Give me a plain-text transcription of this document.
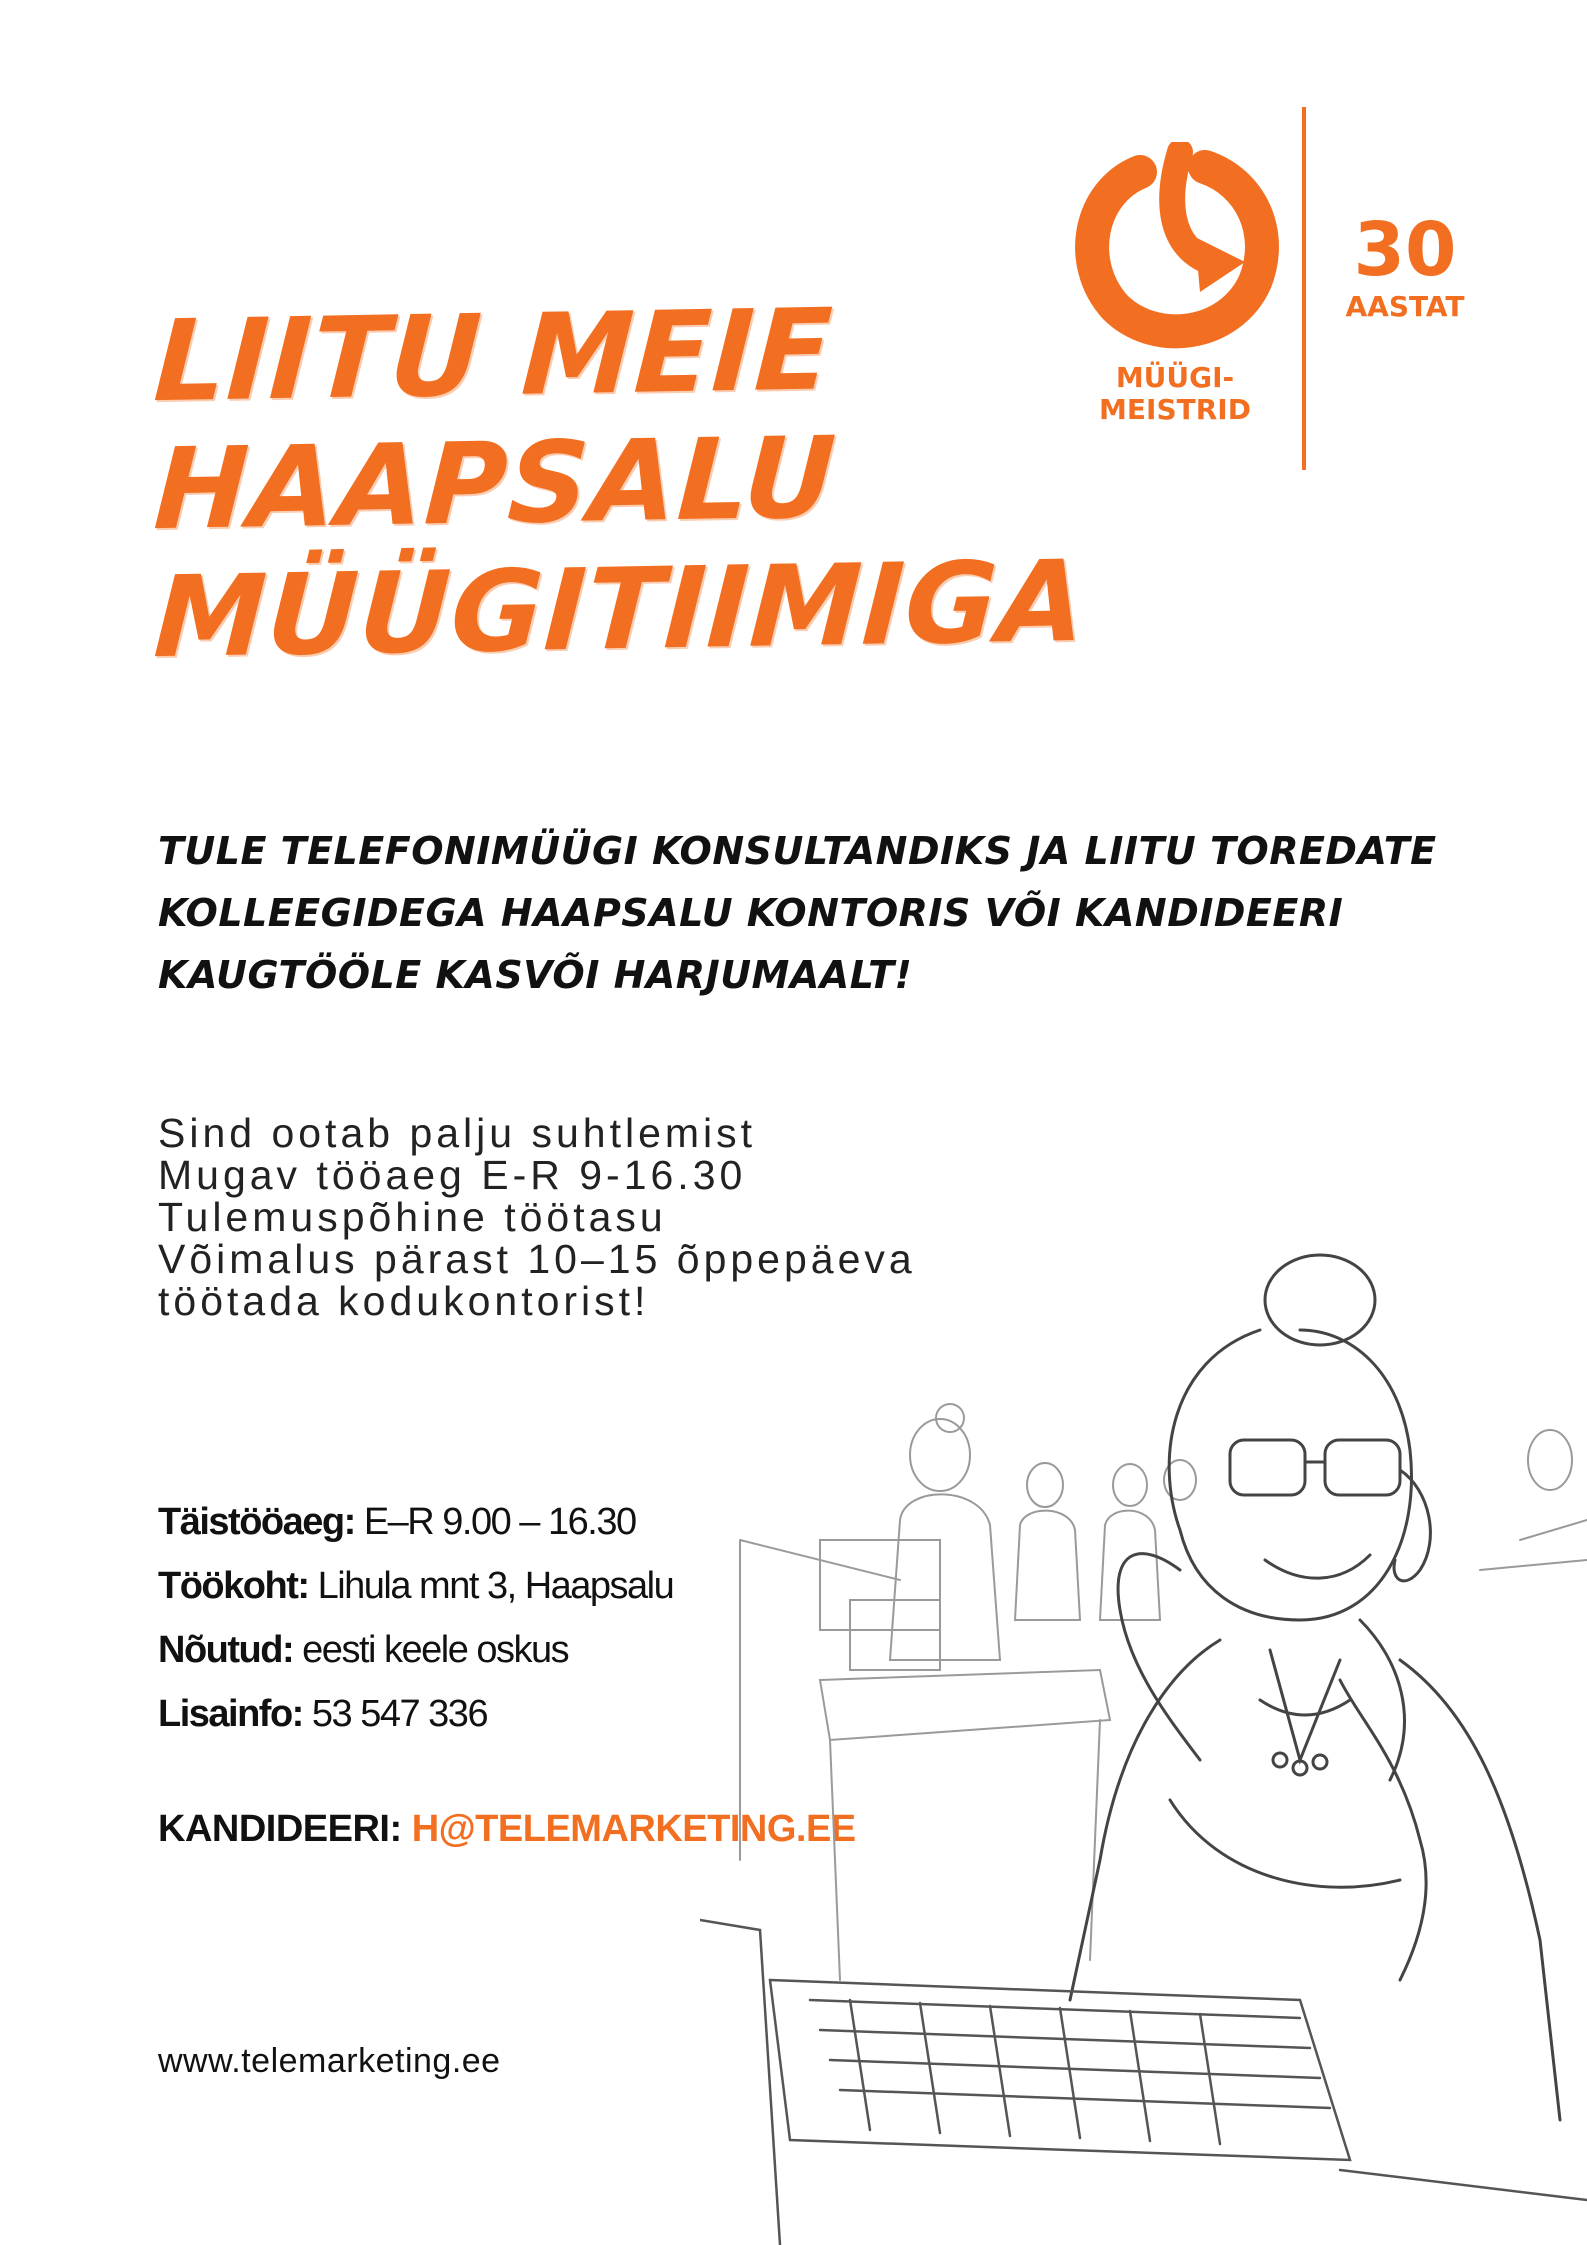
LIITU MEIE
HAAPSALU
MÜÜGITIIMIGA
MÜÜGI-
MEISTRID
30
AASTAT
TULE TELEFONIMÜÜGI KONSULTANDIKS JA LIITU TOREDATE
KOLLEEGIDEGA HAAPSALU KONTORIS VÕI KANDIDEERI
KAUGTÖÖLE KASVÕI HARJUMAALT!
Sind ootab palju suhtlemist
Mugav tööaeg E-R 9-16.30
Tulemuspõhine töötasu
Võimalus pärast 10–15 õppepäeva
töötada kodukontorist!
Täistööaeg: E–R 9.00 – 16.30
Töökoht: Lihula mnt 3, Haapsalu
Nõutud: eesti keele oskus
Lisainfo: 53 547 336
KANDIDEERI: H@TELEMARKETING.EE
www.telemarketing.ee
